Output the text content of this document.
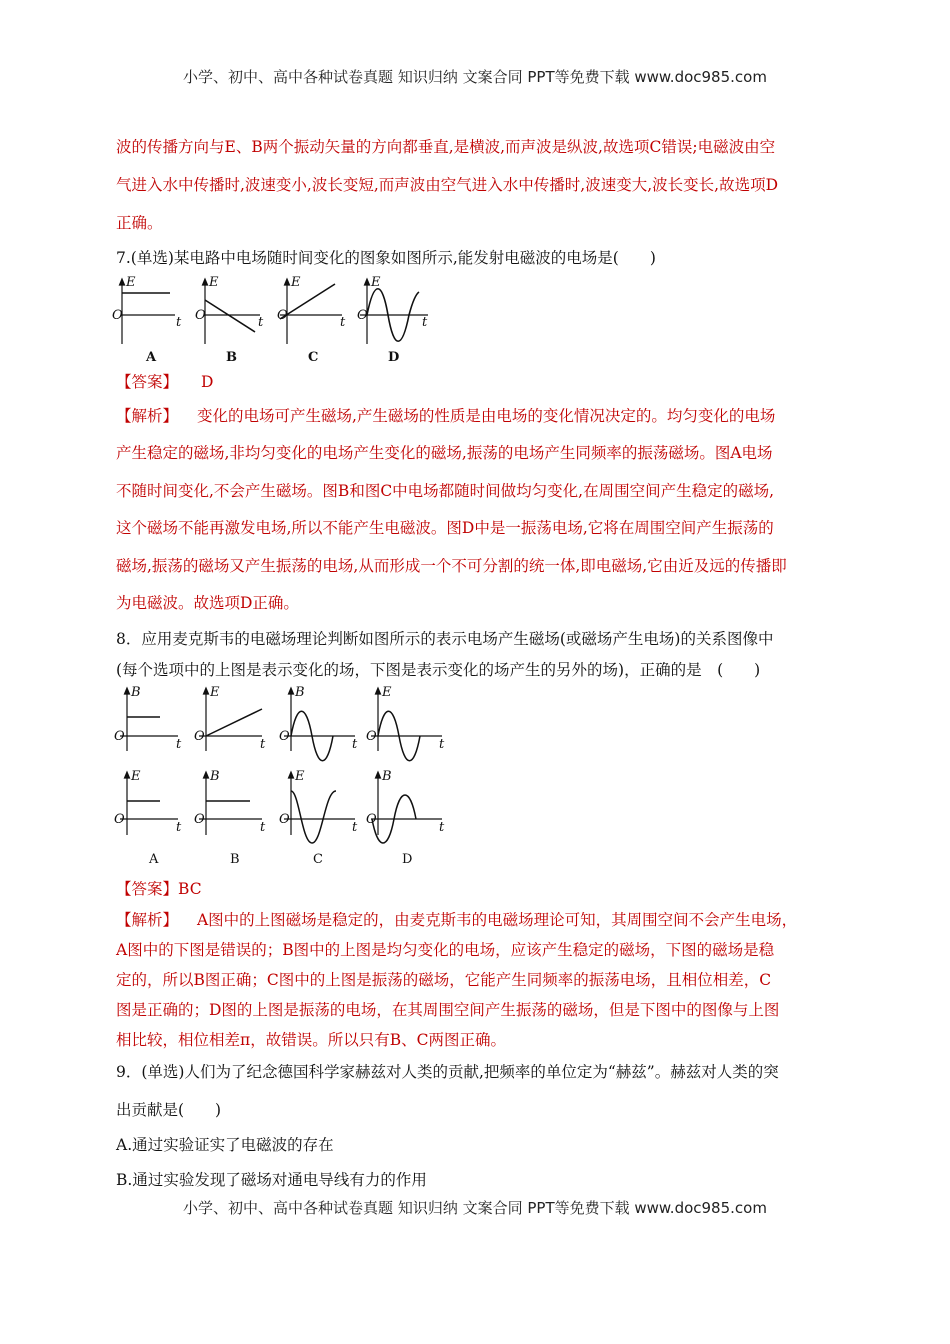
小学、初中、高中各种试卷真题 知识归纳 文案合同 PPT等免费下载 www.doc985.com
波的传播方向与E、B两个振动矢量的方向都垂直,是横波,而声波是纵波,故选项C错误;电磁波由空
气进入水中传播时,波速变小,波长变短,而声波由空气进入水中传播时,波速变大,波长变长,故选项D
正确。
7.(单选)某电路中电场随时间变化的图象如图所示,能发射电磁波的电场是(　　)
E
O	t
E
O	t
E
O	t
E
O	t
A	B	C	D
【答案】 D
【解析】 变化的电场可产生磁场,产生磁场的性质是由电场的变化情况决定的。均匀变化的电场
产生稳定的磁场,非均匀变化的电场产生变化的磁场,振荡的电场产生同频率的振荡磁场。图A电场
不随时间变化,不会产生磁场。图B和图C中电场都随时间做均匀变化,在周围空间产生稳定的磁场,
这个磁场不能再激发电场,所以不能产生电磁波。图D中是一振荡电场,它将在周围空间产生振荡的
磁场,振荡的磁场又产生振荡的电场,从而形成一个不可分割的统一体,即电磁场,它由近及远的传播即
为电磁波。故选项D正确。
8．应用麦克斯韦的电磁场理论判断如图所示的表示电场产生磁场(或磁场产生电场)的关系图像中
(每个选项中的上图是表示变化的场，下图是表示变化的场产生的另外的场)，正确的是　(　　)
B
O
t
E
O
t
B
O
t
E
O
t
E
O
t
B
O
t
E
O
t
B
O
t
A	B	C	D
【答案】BC
【解析】 A图中的上图磁场是稳定的，由麦克斯韦的电磁场理论可知，其周围空间不会产生电场，
A图中的下图是错误的；B图中的上图是均匀变化的电场，应该产生稳定的磁场，下图的磁场是稳
定的，所以B图正确；C图中的上图是振荡的磁场，它能产生同频率的振荡电场，且相位相差，C
图是正确的；D图的上图是振荡的电场，在其周围空间产生振荡的磁场，但是下图中的图像与上图
相比较，相位相差π，故错误。所以只有B、C两图正确。
9．(单选)人们为了纪念德国科学家赫兹对人类的贡献,把频率的单位定为“赫兹”。赫兹对人类的突
出贡献是(　　)
A.通过实验证实了电磁波的存在
B.通过实验发现了磁场对通电导线有力的作用
小学、初中、高中各种试卷真题 知识归纳 文案合同 PPT等免费下载 www.doc985.com
